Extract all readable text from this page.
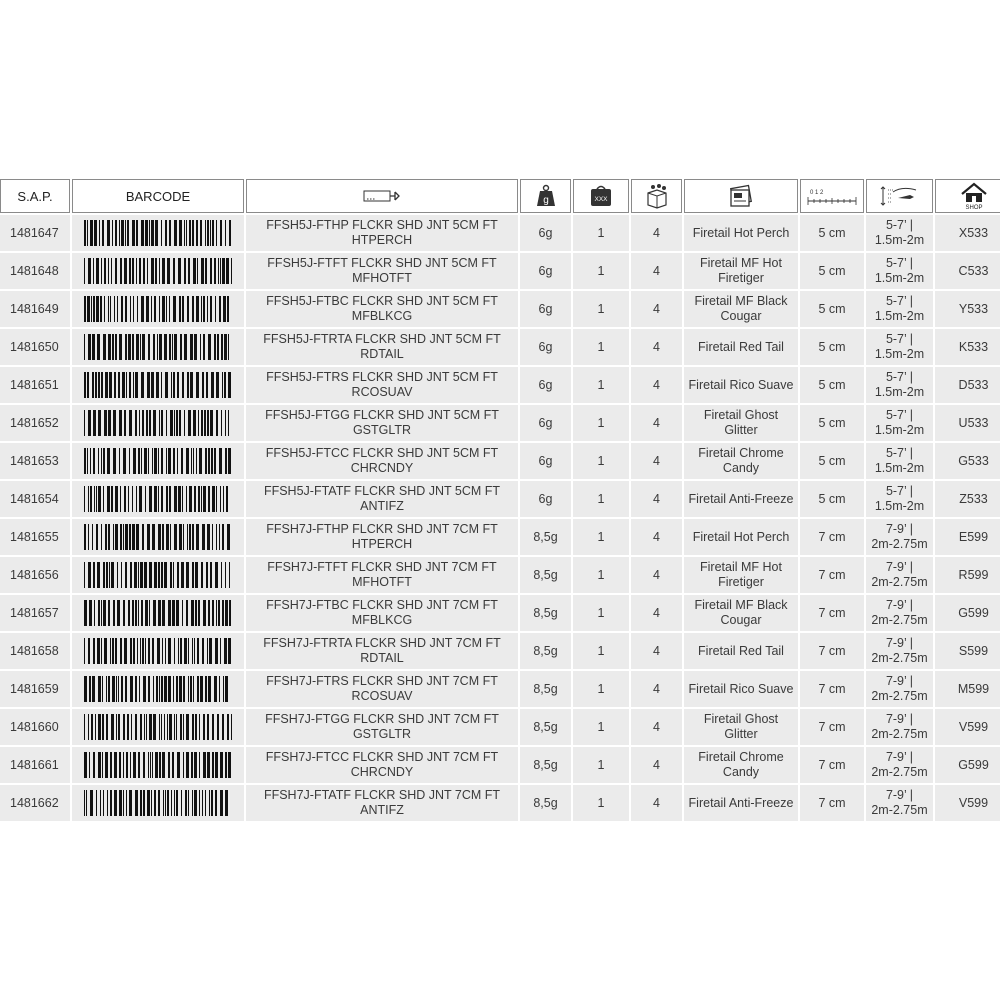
S.A.P.	BARCODE		g	XXX			0 1 2		SHOP

1481647		FFSH5J-FTHP FLCKR SHD JNT 5CM FT
HTPERCH	6g	1	4	Firetail Hot Perch	5 cm	5-7’ |
1.5m-2m	X533
1481648		FFSH5J-FTFT FLCKR SHD JNT 5CM FT
MFHOTFT	6g	1	4	Firetail MF Hot
Firetiger	5 cm	5-7’ |
1.5m-2m	C533
1481649		FFSH5J-FTBC FLCKR SHD JNT 5CM FT
MFBLKCG	6g	1	4	Firetail MF Black
Cougar	5 cm	5-7’ |
1.5m-2m	Y533
1481650		FFSH5J-FTRTA FLCKR SHD JNT 5CM FT
RDTAIL	6g	1	4	Firetail Red Tail	5 cm	5-7’ |
1.5m-2m	K533
1481651		FFSH5J-FTRS FLCKR SHD JNT 5CM FT
RCOSUAV	6g	1	4	Firetail Rico Suave	5 cm	5-7’ |
1.5m-2m	D533
1481652		FFSH5J-FTGG FLCKR SHD JNT 5CM FT
GSTGLTR	6g	1	4	Firetail Ghost
Glitter	5 cm	5-7’ |
1.5m-2m	U533
1481653		FFSH5J-FTCC FLCKR SHD JNT 5CM FT
CHRCNDY	6g	1	4	Firetail Chrome
Candy	5 cm	5-7’ |
1.5m-2m	G533
1481654		FFSH5J-FTATF FLCKR SHD JNT 5CM FT
ANTIFZ	6g	1	4	Firetail Anti-Freeze	5 cm	5-7’ |
1.5m-2m	Z533
1481655		FFSH7J-FTHP FLCKR SHD JNT 7CM FT
HTPERCH	8,5g	1	4	Firetail Hot Perch	7 cm	7-9’ |
2m-2.75m	E599
1481656		FFSH7J-FTFT FLCKR SHD JNT 7CM FT
MFHOTFT	8,5g	1	4	Firetail MF Hot
Firetiger	7 cm	7-9’ |
2m-2.75m	R599
1481657		FFSH7J-FTBC FLCKR SHD JNT 7CM FT
MFBLKCG	8,5g	1	4	Firetail MF Black
Cougar	7 cm	7-9’ |
2m-2.75m	G599
1481658		FFSH7J-FTRTA FLCKR SHD JNT 7CM FT
RDTAIL	8,5g	1	4	Firetail Red Tail	7 cm	7-9’ |
2m-2.75m	S599
1481659		FFSH7J-FTRS FLCKR SHD JNT 7CM FT
RCOSUAV	8,5g	1	4	Firetail Rico Suave	7 cm	7-9’ |
2m-2.75m	M599
1481660		FFSH7J-FTGG FLCKR SHD JNT 7CM FT
GSTGLTR	8,5g	1	4	Firetail Ghost
Glitter	7 cm	7-9’ |
2m-2.75m	V599
1481661		FFSH7J-FTCC FLCKR SHD JNT 7CM FT
CHRCNDY	8,5g	1	4	Firetail Chrome
Candy	7 cm	7-9’ |
2m-2.75m	G599
1481662		FFSH7J-FTATF FLCKR SHD JNT 7CM FT
ANTIFZ	8,5g	1	4	Firetail Anti-Freeze	7 cm	7-9’ |
2m-2.75m	V599
